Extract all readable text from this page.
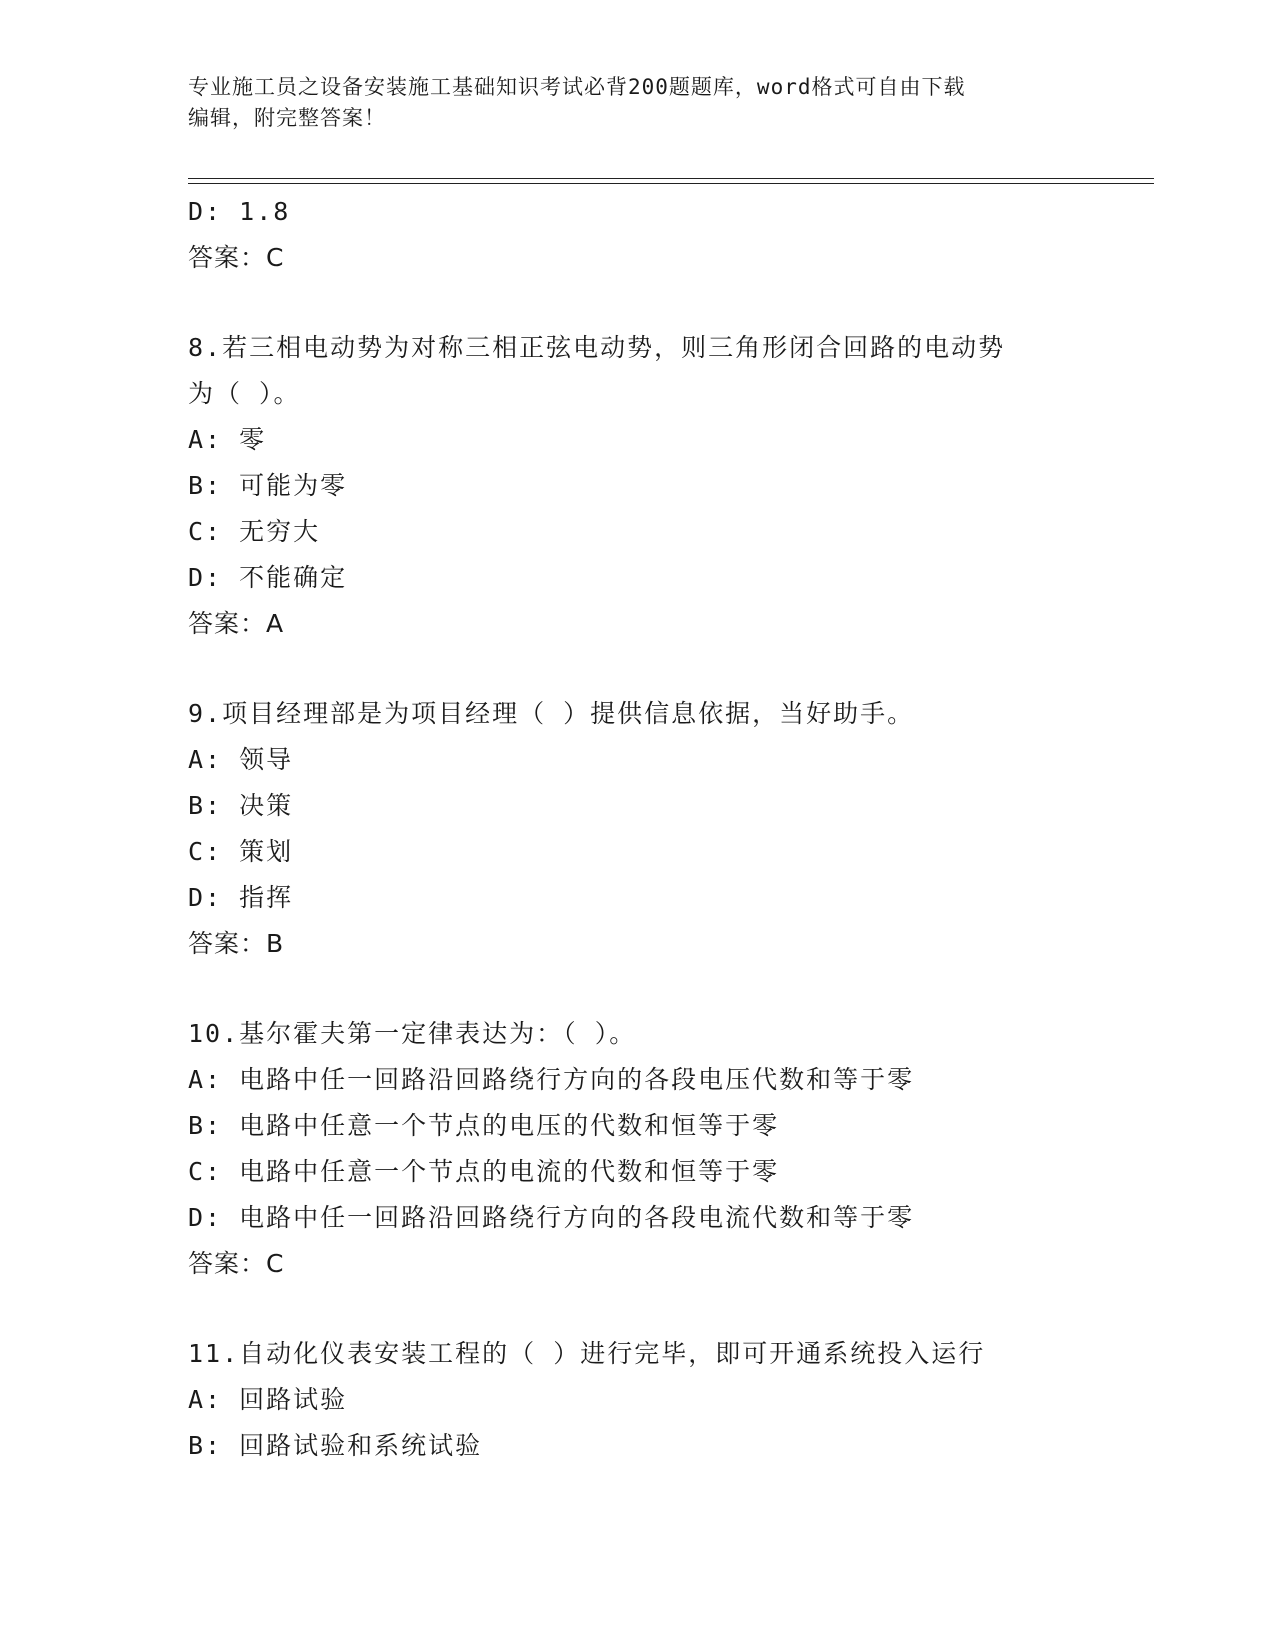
专业施工员之设备安装施工基础知识考试必背200题题库，word格式可自由下载
编辑，附完整答案！
D: 1.8
答案：C
8.若三相电动势为对称三相正弦电动势，则三角形闭合回路的电动势
为（ ）。
A: 零
B: 可能为零
C: 无穷大
D: 不能确定
答案：A
9.项目经理部是为项目经理（ ）提供信息依据，当好助手。
A: 领导
B: 决策
C: 策划
D: 指挥
答案：B
10.基尔霍夫第一定律表达为：（ ）。
A: 电路中任一回路沿回路绕行方向的各段电压代数和等于零
B: 电路中任意一个节点的电压的代数和恒等于零
C: 电路中任意一个节点的电流的代数和恒等于零
D: 电路中任一回路沿回路绕行方向的各段电流代数和等于零
答案：C
11.自动化仪表安装工程的（ ）进行完毕，即可开通系统投入运行
A: 回路试验
B: 回路试验和系统试验
